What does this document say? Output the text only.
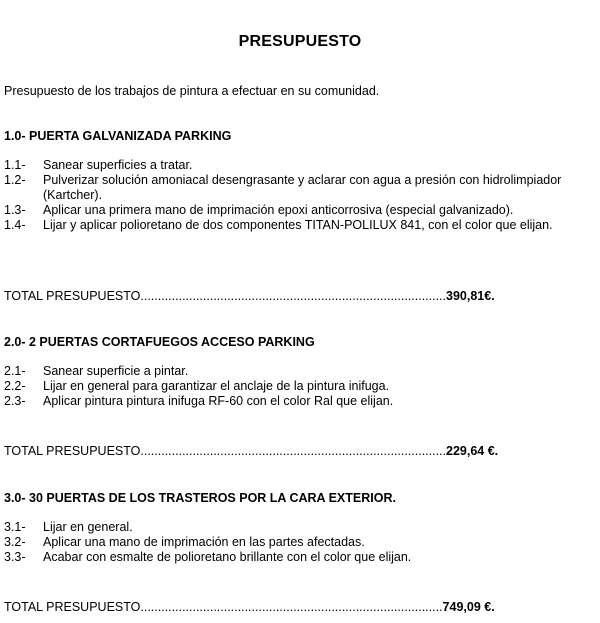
PRESUPUESTO
Presupuesto de los trabajos de pintura a efectuar en su comunidad.
1.0- PUERTA GALVANIZADA PARKING
1.1-	Sanear superficies a tratar.
1.2-	Pulverizar solución amoniacal desengrasante y aclarar con agua a presión con hidrolimpiador (Kartcher).
1.3-	Aplicar una primera mano de imprimación epoxi anticorrosiva (especial galvanizado).
1.4-	Lijar y aplicar polioretano de dos componentes TITAN-POLILUX 841, con el color que elijan.
TOTAL PRESUPUESTO........................................................................................390,81€.
2.0- 2 PUERTAS CORTAFUEGOS ACCESO PARKING
2.1-	Sanear superficie a pintar.
2.2-	Lijar en general para garantizar el anclaje de la pintura inifuga.
2.3-	Aplicar pintura pintura inifuga RF-60 con el color Ral que elijan.
TOTAL PRESUPUESTO........................................................................................229,64 €.
3.0- 30 PUERTAS DE LOS TRASTEROS POR LA CARA EXTERIOR.
3.1-	Lijar en general.
3.2-	Aplicar una mano de imprimación en las partes afectadas.
3.3-	Acabar con esmalte de polioretano brillante con el color que elijan.
TOTAL PRESUPUESTO.......................................................................................749,09 €.
